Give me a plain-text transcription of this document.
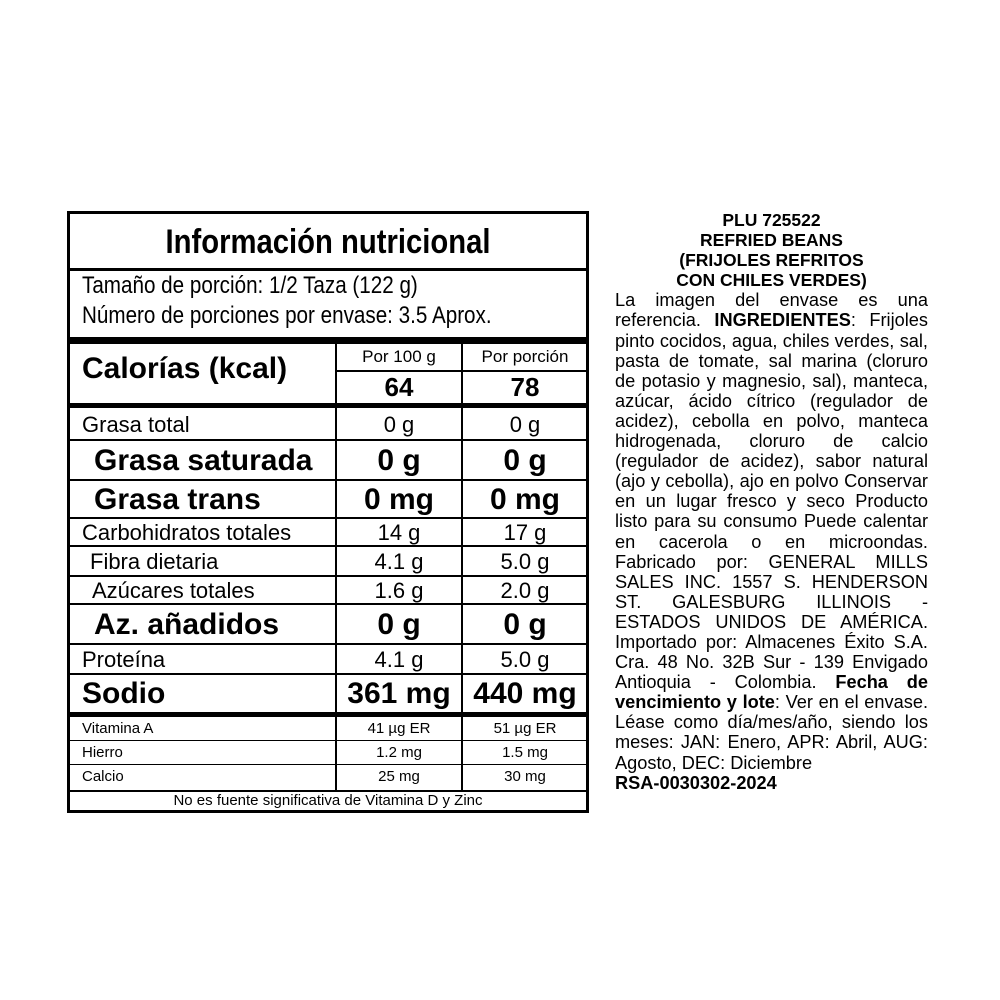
Información nutricional
Tamaño de porción: 1/2 Taza (122 g)
Número de porciones por envase: 3.5 Aprox.
Calorías (kcal)	Por 100 g	Por porción
64	78
Grasa total	0 g	0 g
Grasa saturada	0 g	0 g
Grasa trans	0 mg	0 mg
Carbohidratos totales	14 g	17 g
Fibra dietaria	4.1 g	5.0 g
Azúcares totales	1.6 g	2.0 g
Az. añadidos	0 g	0 g
Proteína	4.1 g	5.0 g
Sodio	361 mg 440 mg
Vitamina A	41 µg ER	51 µg ER
Hierro	1.2 mg	1.5 mg
Calcio	25 mg	30 mg
No es fuente significativa de Vitamina D y Zinc
PLU 725522
REFRIED BEANS
(FRIJOLES REFRITOS
CON CHILES VERDES)
La imagen del envase es una referencia. INGREDIENTES: Frijoles pinto cocidos, agua, chiles verdes, sal, pasta de tomate, sal marina (cloruro de potasio y magnesio, sal), manteca, azúcar, ácido cítrico (regulador de acidez), cebolla en polvo, manteca hidrogenada, cloruro de calcio (regulador de acidez), sabor natural (ajo y cebolla), ajo en polvo Conservar en un lugar fresco y seco Producto listo para su consumo Puede calentar en cacerola o en microondas. Fabricado por: GENERAL MILLS SALES INC. 1557 S. HENDERSON ST. GALESBURG ILLINOIS - ESTADOS UNIDOS DE AMÉRICA. Importado por: Almacenes Éxito S.A. Cra. 48 No. 32B Sur - 139 Envigado Antioquia - Colombia. Fecha de vencimiento y lote: Ver en el envase. Léase como día/mes/año, siendo los meses: JAN: Enero, APR: Abril, AUG: Agosto, DEC: Diciembre
RSA-0030302-2024
